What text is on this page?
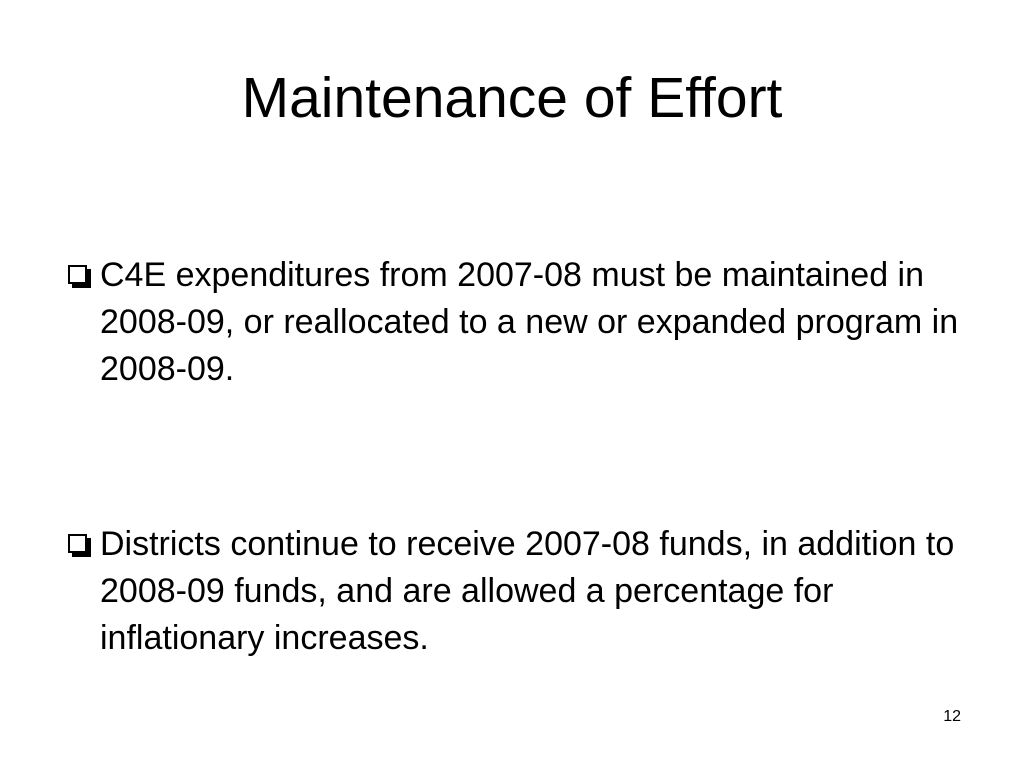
Maintenance of Effort
C4E expenditures from 2007-08 must be maintained in 2008-09, or reallocated to a new or expanded program in 2008-09.
Districts continue to receive 2007-08 funds, in addition to 2008-09 funds, and are allowed a percentage for inflationary increases.
12
